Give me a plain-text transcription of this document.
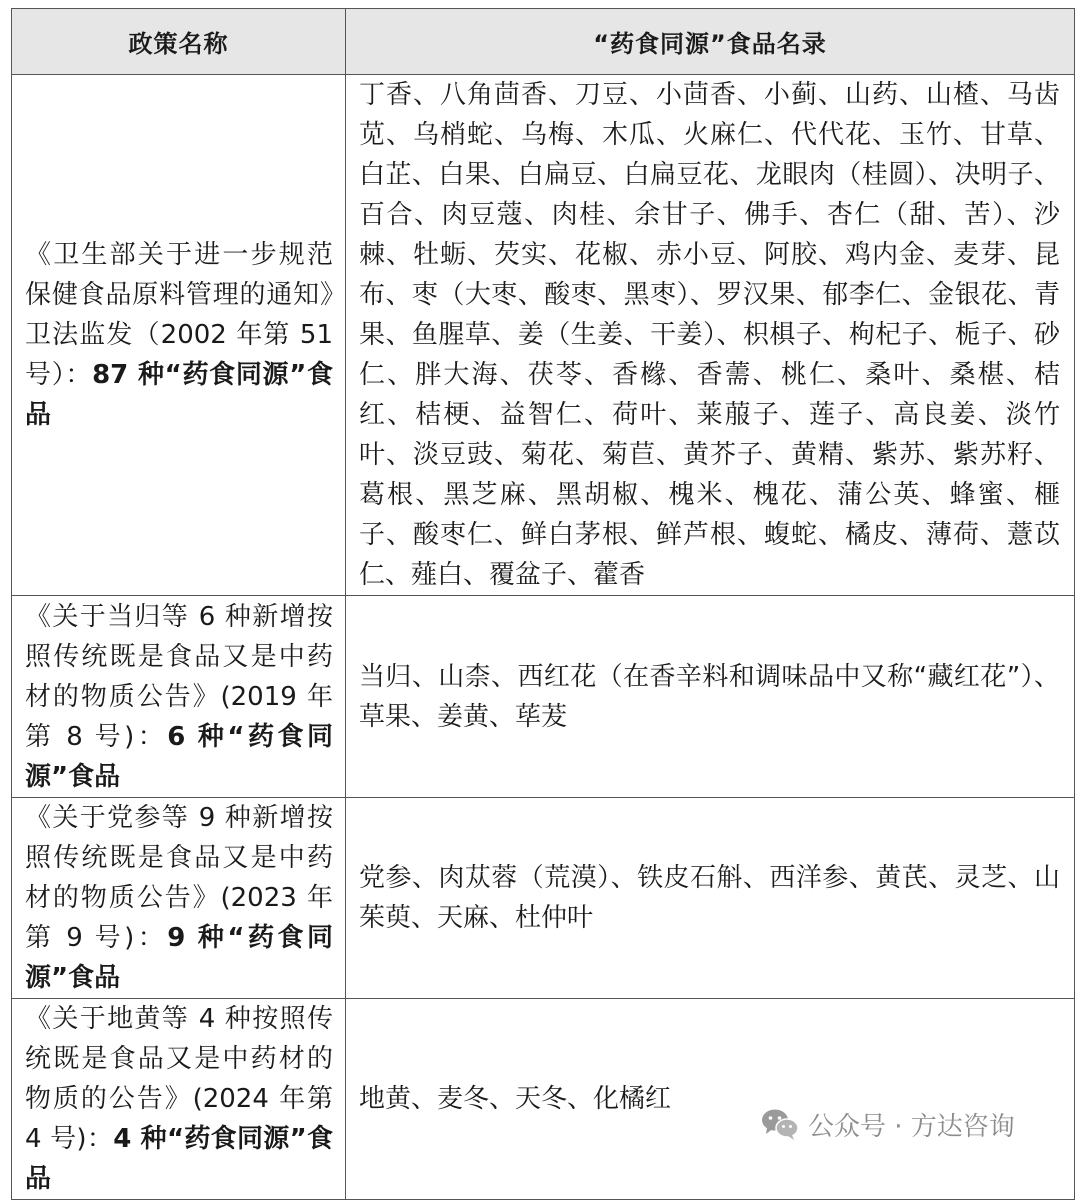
政策名称	“药食同源”食品名录
《卫生部关于进一步规范保健食品原料管理的通知》卫法监发（2002 年第 51 号）：87 种“药食同源”食品	丁香、八角茴香、刀豆、小茴香、小蓟、山药、山楂、马齿苋、乌梢蛇、乌梅、木瓜、火麻仁、代代花、玉竹、甘草、白芷、白果、白扁豆、白扁豆花、龙眼肉（桂圆）、决明子、百合、肉豆蔻、肉桂、余甘子、佛手、杏仁（甜、苦）、沙棘、牡蛎、芡实、花椒、赤小豆、阿胶、鸡内金、麦芽、昆布、枣（大枣、酸枣、黑枣）、罗汉果、郁李仁、金银花、青果、鱼腥草、姜（生姜、干姜）、枳椇子、枸杞子、栀子、砂仁、胖大海、茯苓、香橼、香薷、桃仁、桑叶、桑椹、桔红、桔梗、益智仁、荷叶、莱菔子、莲子、高良姜、淡竹叶、淡豆豉、菊花、菊苣、黄芥子、黄精、紫苏、紫苏籽、葛根、黑芝麻、黑胡椒、槐米、槐花、蒲公英、蜂蜜、榧子、酸枣仁、鲜白茅根、鲜芦根、蝮蛇、橘皮、薄荷、薏苡仁、薤白、覆盆子、藿香
《关于当归等 6 种新增按照传统既是食品又是中药材的物质公告》(2019 年第 8 号)：6 种“药食同源”食品	当归、山柰、西红花（在香辛料和调味品中又称“藏红花”）、草果、姜黄、荜茇
《关于党参等 9 种新增按照传统既是食品又是中药材的物质公告》(2023 年第 9 号)：9 种“药食同源”食品	党参、肉苁蓉（荒漠）、铁皮石斛、西洋参、黄芪、灵芝、山茱萸、天麻、杜仲叶
《关于地黄等 4 种按照传统既是食品又是中药材的物质的公告》(2024 年第 4 号)：4 种“药食同源”食品	地黄、麦冬、天冬、化橘红
公众号 · 方达咨询
